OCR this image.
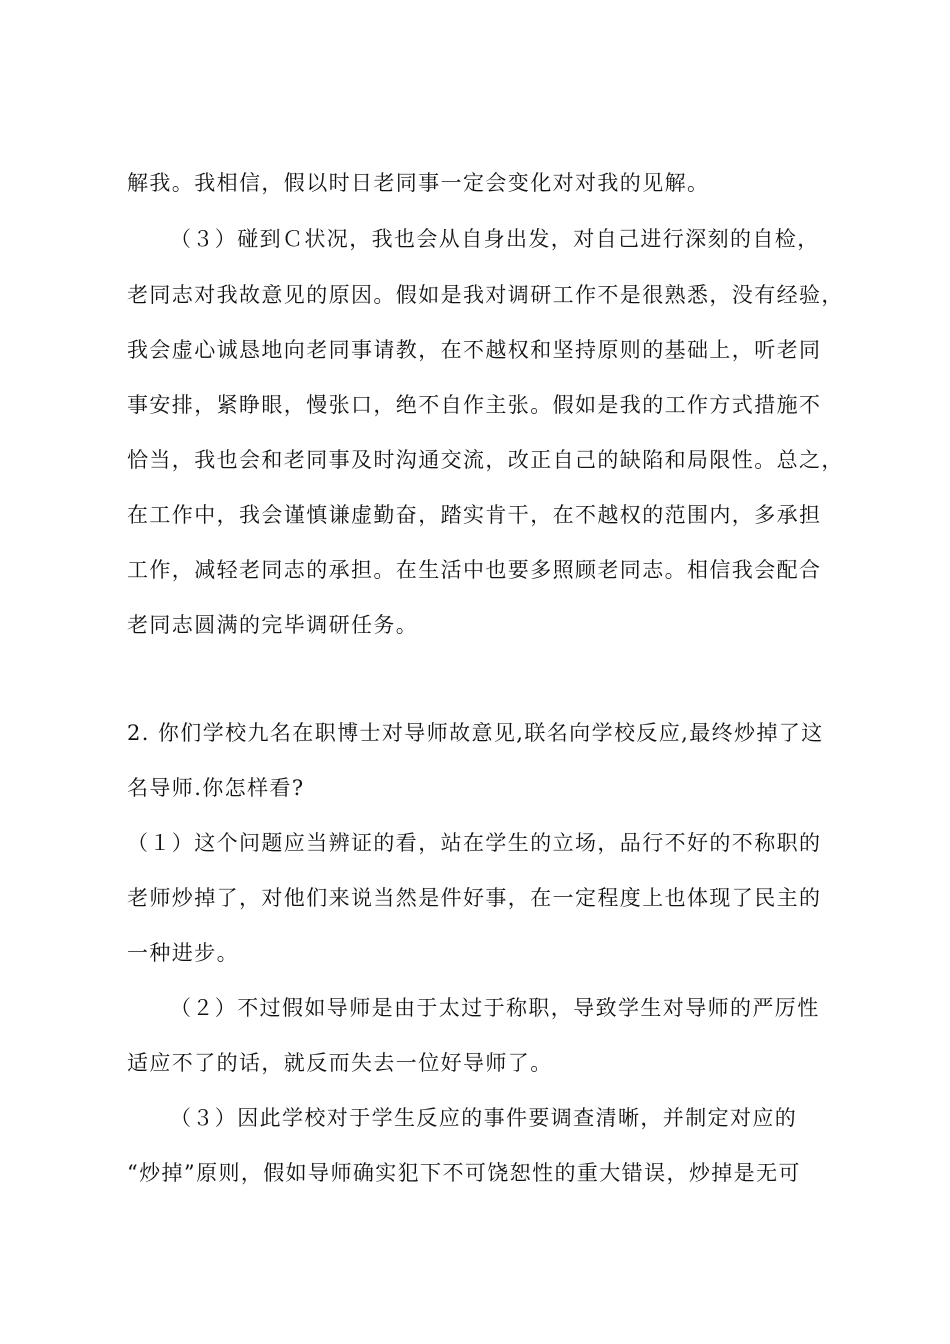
解我。我相信，假以时日老同事一定会变化对对我的见解。
（３）碰到Ｃ状况，我也会从自身出发，对自己进行深刻的自检，
老同志对我故意见的原因。假如是我对调研工作不是很熟悉，没有经验，
我会虚心诚恳地向老同事请教，在不越权和坚持原则的基础上，听老同
事安排，紧睁眼，慢张口，绝不自作主张。假如是我的工作方式措施不
恰当，我也会和老同事及时沟通交流，改正自己的缺陷和局限性。总之，
在工作中，我会谨慎谦虚勤奋，踏实肯干，在不越权的范围内，多承担
工作，减轻老同志的承担。在生活中也要多照顾老同志。相信我会配合
老同志圆满的完毕调研任务。
2. 你们学校九名在职博士对导师故意见,联名向学校反应,最终炒掉了这
名导师.你怎样看?
（１）这个问题应当辨证的看，站在学生的立场，品行不好的不称职的
老师炒掉了，对他们来说当然是件好事，在一定程度上也体现了民主的
一种进步。
（２）不过假如导师是由于太过于称职，导致学生对导师的严厉性
适应不了的话，就反而失去一位好导师了。
（３）因此学校对于学生反应的事件要调查清晰，并制定对应的
“炒掉”原则，假如导师确实犯下不可饶恕性的重大错误，炒掉是无可
